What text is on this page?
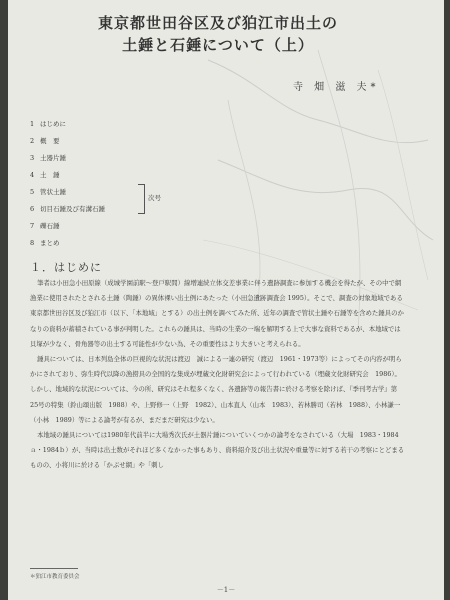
東京都世田谷区及び狛江市出土の
土錘と石錘について（上）
寺 畑 滋 夫*
1 はじめに
2 概　要
3 土器片錘
4 土　錘
5 管状土錘
6 切目石錘及び有溝石錘
7 礫石錘
8 まとめ
次号
１．はじめに

筆者は小田急小田原線（成城学園前駅～登戸駅間）線増連続立体交差事業に伴う遺跡調査に参加する機会を得たが、その中で網漁業に使用されたとされる土錘（陶錘）の異体裸い出土例にあたった（小田急遺跡調査会 1995）。そこで、調査の対象地域である東京都世田谷区及び狛江市（以下、「本地域」とする）の出土例を調べてみた所、近年の調査で管状土錘や石錘等を含めた錘具のかなりの資料が蓄積されている事が判明した。これらの錘具は、当時の生業の一端を解明する上で大事な資料であるが、本地域では貝塚が少なく、骨角器等の出土する可能性が少ない為、その重要性はより大きいと考えられる。

錘具については、日本列島全体の巨視的な状況は渡辺　誠による一連の研究（渡辺　1961・1973等）によってその内容が明らかにされており、弥生時代以降の漁撈具の全国的な集成が埋蔵文化財研究会によって行われている（埋蔵文化財研究会　1986）。しかし、地域的な状況については、今の所、研究はそれ程多くなく、各遺跡等の報告書に於ける考察を除けば、『季刊考古学』第25号の特集（鈴山頌出版　1988）や、上野修一（上野　1982）、山本直人（山本　1983）、若林勝司（若林　1988）、小林謙一（小林　1989）等による論考が有るが、まだまだ研究は少ない。

本地域の錘具については1980年代前半に大場秀次氏が土器片錘についていくつかの論考をなされている（大場　1983・1984ａ・1984ｂ）が、当時は出土数がそれほど多くなかった事もあり、資料紹介及び出土状況や重量等に対する若干の考察にとどまるものの、小将川に於ける「かぶせ網」や「刺し

＊狛江市教育委員会
－1－
